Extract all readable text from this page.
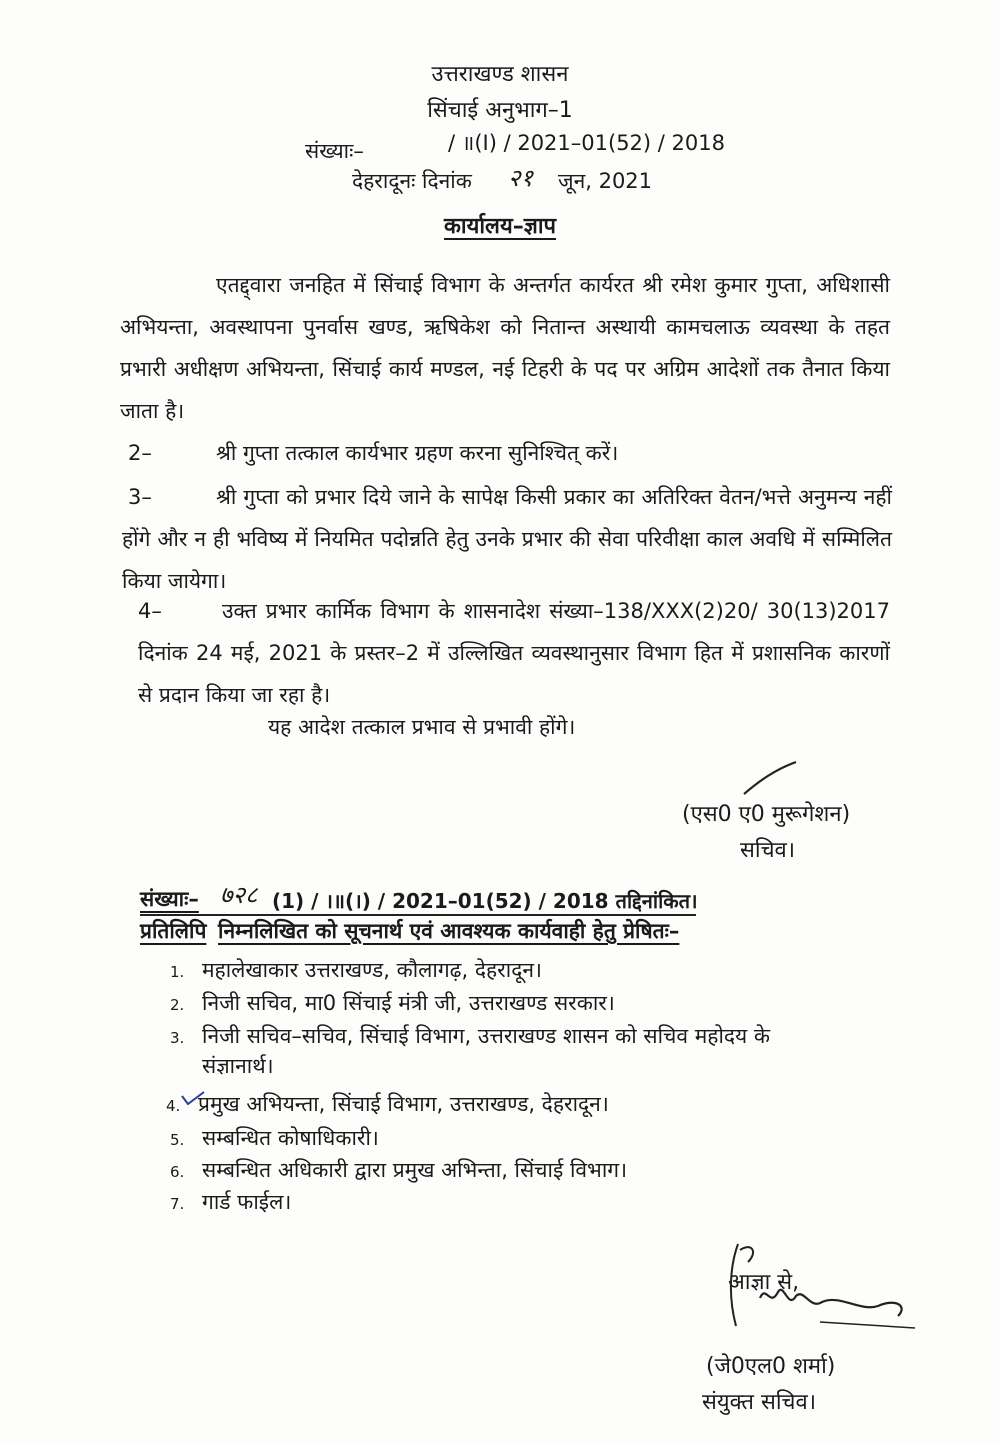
उत्तराखण्ड शासन
सिंचाई अनुभाग–1
संख्याः–	/ ॥(I) / 2021–01(52) / 2018
देहरादूनः दिनांक २१ जून, 2021
कार्यालय–ज्ञाप
एतद्द्वारा जनहित में सिंचाई विभाग के अन्तर्गत कार्यरत श्री रमेश कुमार गुप्ता, अधिशासी अभियन्ता, अवस्थापना पुनर्वास खण्ड, ऋषिकेश को नितान्त अस्थायी कामचलाऊ व्यवस्था के तहत प्रभारी अधीक्षण अभियन्ता, सिंचाई कार्य मण्डल, नई टिहरी के पद पर अग्रिम आदेशों तक तैनात किया जाता है।
2–	श्री गुप्ता तत्काल कार्यभार ग्रहण करना सुनिश्चित् करें।
3–	श्री गुप्ता को प्रभार दिये जाने के सापेक्ष किसी प्रकार का अतिरिक्त वेतन/भत्ते अनुमन्य नहीं होंगे और न ही भविष्य में नियमित पदोन्नति हेतु उनके प्रभार की सेवा परिवीक्षा काल अवधि में सम्मिलित किया जायेगा।
4–	उक्त प्रभार कार्मिक विभाग के शासनादेश संख्या–138/XXX(2)20/ 30(13)2017 दिनांक 24 मई, 2021 के प्रस्तर–2 में उल्लिखित व्यवस्थानुसार विभाग हित में प्रशासनिक कारणों से प्रदान किया जा रहा है।
यह आदेश तत्काल प्रभाव से प्रभावी होंगे।
(एस0 ए0 मुरूगेशन)
सचिव।
संख्याः– ७२८ (1) / ।॥(।) / 2021–01(52) / 2018 तद्दिनांकित।
प्रतिलिपि निम्नलिखित को सूचनार्थ एवं आवश्यक कार्यवाही हेतु प्रेषितः–
1. महालेखाकार उत्तराखण्ड, कौलागढ़, देहरादून।
2. निजी सचिव, मा0 सिंचाई मंत्री जी, उत्तराखण्ड सरकार।
3. निजी सचिव–सचिव, सिंचाई विभाग, उत्तराखण्ड शासन को सचिव महोदय के
संज्ञानार्थ।
4. प्रमुख अभियन्ता, सिंचाई विभाग, उत्तराखण्ड, देहरादून।
5. सम्बन्धित कोषाधिकारी।
6. सम्बन्धित अधिकारी द्वारा प्रमुख अभिन्ता, सिंचाई विभाग।
7. गार्ड फाईल।
आज्ञा से,
(जे0एल0 शर्मा)
संयुक्त सचिव।
